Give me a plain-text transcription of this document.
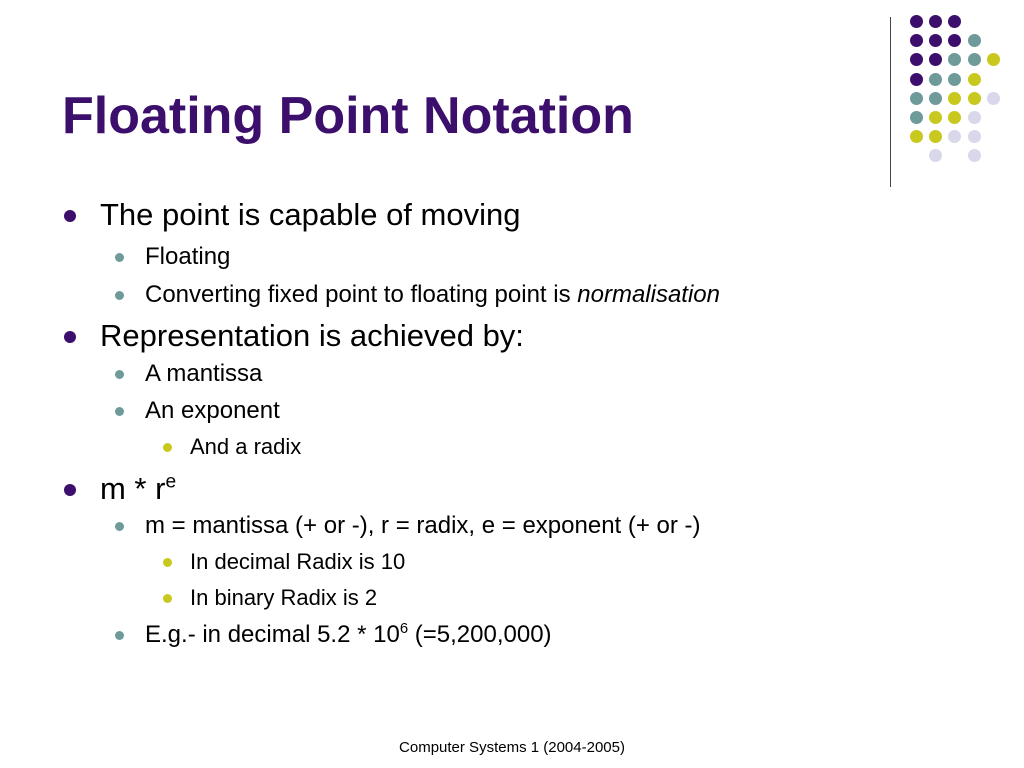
Floating Point Notation
The point is capable of moving
Floating
Converting fixed point to floating point is normalisation
Representation is achieved by:
A mantissa
An exponent
And a radix
m * $r^e$
m = mantissa (+ or -), r = radix, e = exponent (+ or -)
In decimal Radix is 10
In binary Radix is 2
E.g.- in decimal $5.2 * 10^6$ (=5,200,000)
Computer Systems 1 (2004-2005)
